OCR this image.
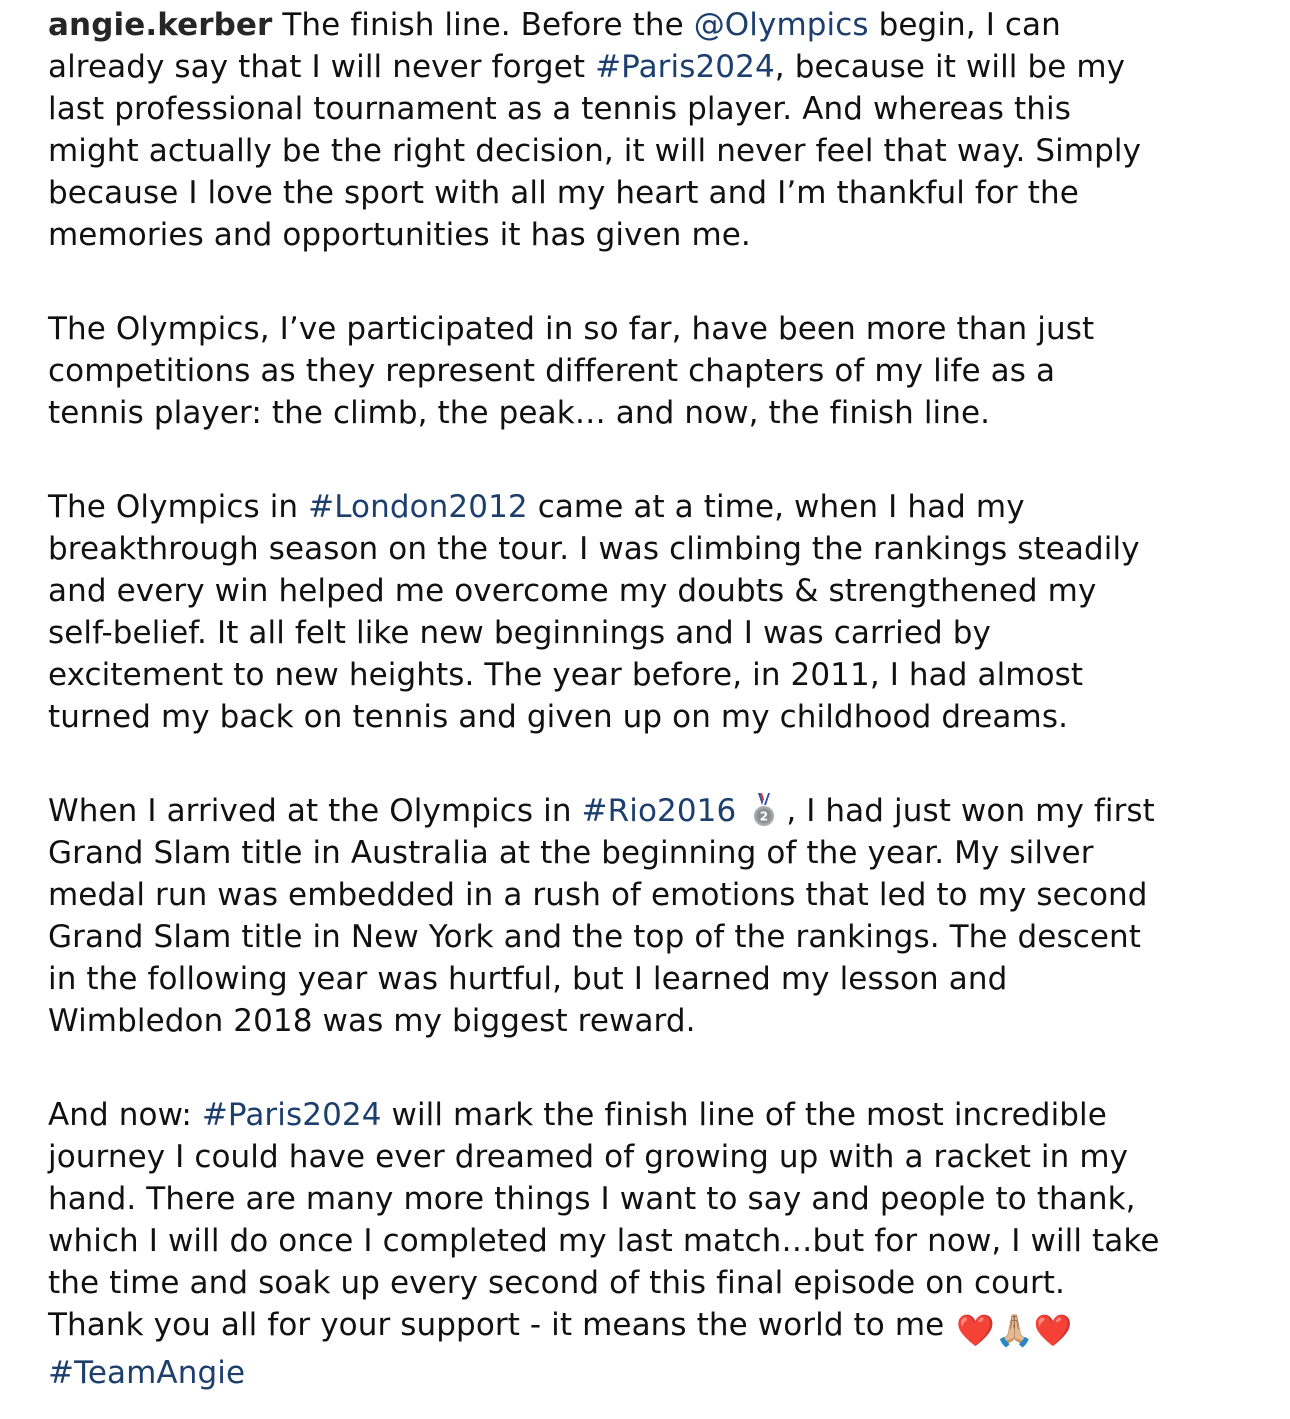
angie.kerber The finish line. Before the @Olympics begin, I can
already say that I will never forget #Paris2024, because it will be my
last professional tournament as a tennis player. And whereas this
might actually be the right decision, it will never feel that way. Simply
because I love the sport with all my heart and I’m thankful for the
memories and opportunities it has given me.
The Olympics, I’ve participated in so far, have been more than just
competitions as they represent different chapters of my life as a
tennis player: the climb, the peak… and now, the finish line.
The Olympics in #London2012 came at a time, when I had my
breakthrough season on the tour. I was climbing the rankings steadily
and every win helped me overcome my doubts & strengthened my
self-belief. It all felt like new beginnings and I was carried by
excitement to new heights. The year before, in 2011, I had almost
turned my back on tennis and given up on my childhood dreams.
When I arrived at the Olympics in #Rio2016 2 , I had just won my first
Grand Slam title in Australia at the beginning of the year. My silver
medal run was embedded in a rush of emotions that led to my second
Grand Slam title in New York and the top of the rankings. The descent
in the following year was hurtful, but I learned my lesson and
Wimbledon 2018 was my biggest reward.
And now: #Paris2024 will mark the finish line of the most incredible
journey I could have ever dreamed of growing up with a racket in my
hand. There are many more things I want to say and people to thank,
which I will do once I completed my last match…but for now, I will take
the time and soak up every second of this final episode on court.
Thank you all for your support - it means the world to me ❤️🙏🏼❤️
#TeamAngie
